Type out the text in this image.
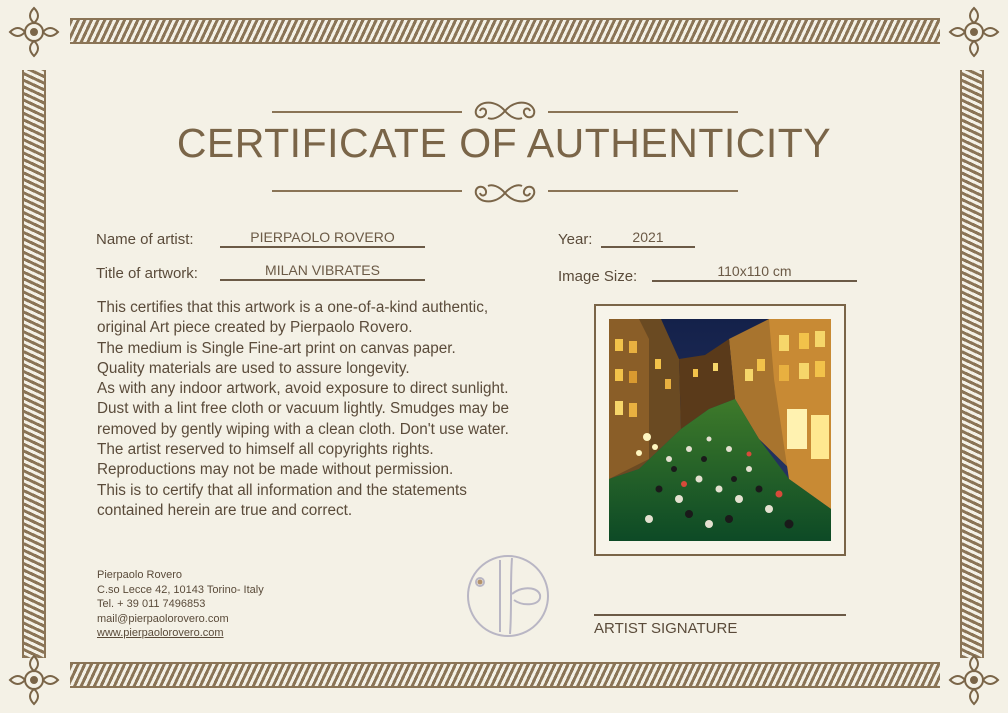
CERTIFICATE OF AUTHENTICITY
Name of artist:	PIERPAOLO ROVERO
Title of artwork:	MILAN VIBRATES
Year:	2021
Image Size:	110x110 cm
This certifies that this artwork is a one-of-a-kind authentic,
original Art piece created by Pierpaolo Rovero.
The medium is Single Fine-art print on canvas paper.
Quality materials are used to assure longevity.
As with any indoor artwork, avoid exposure to direct sunlight.
Dust with a lint free cloth or vacuum lightly. Smudges may be
removed by gently wiping with a clean cloth. Don't use water.
The artist reserved to himself all copyrights rights.
Reproductions may not be made without permission.
This is to certify that all information and the statements
contained herein are true and correct.
Pierpaolo Rovero
C.so Lecce 42, 10143 Torino- Italy
Tel. + 39 011 7496853
mail@pierpaolorovero.com
www.pierpaolorovero.com	ARTIST SIGNATURE
